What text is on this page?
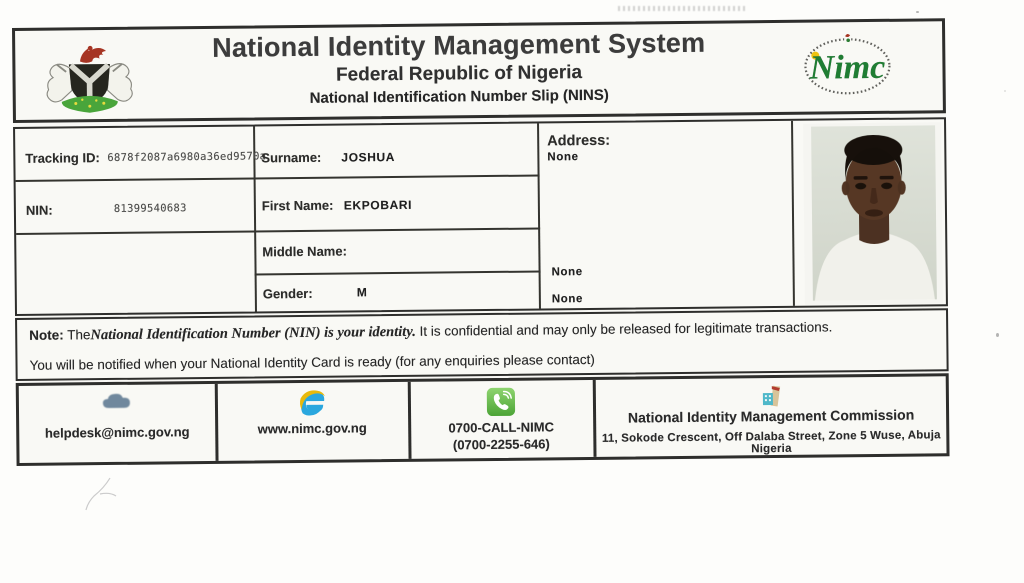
National Identity Management System
Federal Republic of Nigeria
National Identification Number Slip (NINS)
Nimc
Tracking ID: 6878f2087a6980a36ed9570a
NIN:	81399540683
Surname: JOSHUA
First Name: EKPOBARI
Middle Name:
Gender:	M
Address:
None
None
None
Note: TheNational Identification Number (NIN) is your identity. It is confidential and may only be released for legitimate transactions.
You will be notified when your National Identity Card is ready (for any enquiries please contact)
helpdesk@nimc.gov.ng	www.nimc.gov.ng	0700-CALL-NIMC
(0700-2255-646)
National Identity Management Commission
11, Sokode Crescent, Off Dalaba Street, Zone 5 Wuse, Abuja Nigeria
